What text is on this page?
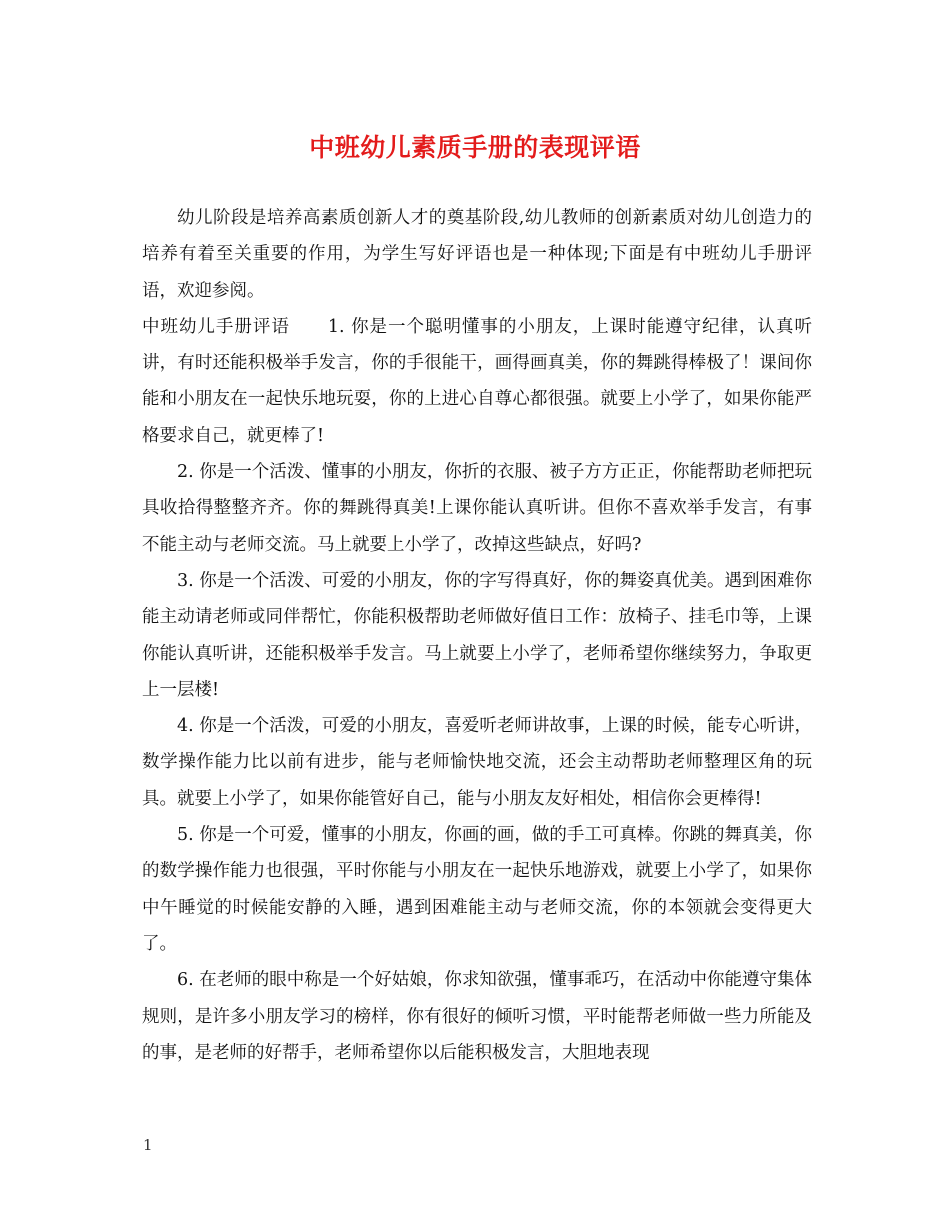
中班幼儿素质手册的表现评语

幼儿阶段是培养高素质创新人才的奠基阶段,幼儿教师的创新素质对幼儿创造力的培养有着至关重要的作用，为学生写好评语也是一种体现;下面是有中班幼儿手册评语，欢迎参阅。

中班幼儿手册评语 1. 你是一个聪明懂事的小朋友，上课时能遵守纪律，认真听讲，有时还能积极举手发言，你的手很能干，画得画真美，你的舞跳得棒极了！课间你能和小朋友在一起快乐地玩耍，你的上进心自尊心都很强。就要上小学了，如果你能严格要求自己，就更棒了!

2. 你是一个活泼、懂事的小朋友，你折的衣服、被子方方正正，你能帮助老师把玩具收拾得整整齐齐。你的舞跳得真美!上课你能认真听讲。但你不喜欢举手发言，有事不能主动与老师交流。马上就要上小学了，改掉这些缺点，好吗?

3. 你是一个活泼、可爱的小朋友，你的字写得真好，你的舞姿真优美。遇到困难你能主动请老师或同伴帮忙，你能积极帮助老师做好值日工作：放椅子、挂毛巾等，上课你能认真听讲，还能积极举手发言。马上就要上小学了，老师希望你继续努力，争取更上一层楼!

4. 你是一个活泼，可爱的小朋友，喜爱听老师讲故事，上课的时候，能专心听讲，数学操作能力比以前有进步，能与老师愉快地交流，还会主动帮助老师整理区角的玩具。就要上小学了，如果你能管好自己，能与小朋友友好相处，相信你会更棒得!

5. 你是一个可爱，懂事的小朋友，你画的画，做的手工可真棒。你跳的舞真美，你的数学操作能力也很强，平时你能与小朋友在一起快乐地游戏，就要上小学了，如果你中午睡觉的时候能安静的入睡，遇到困难能主动与老师交流，你的本领就会变得更大了。

6. 在老师的眼中称是一个好姑娘，你求知欲强，懂事乖巧，在活动中你能遵守集体规则，是许多小朋友学习的榜样，你有很好的倾听习惯，平时能帮老师做一些力所能及的事，是老师的好帮手，老师希望你以后能积极发言，大胆地表现

1
